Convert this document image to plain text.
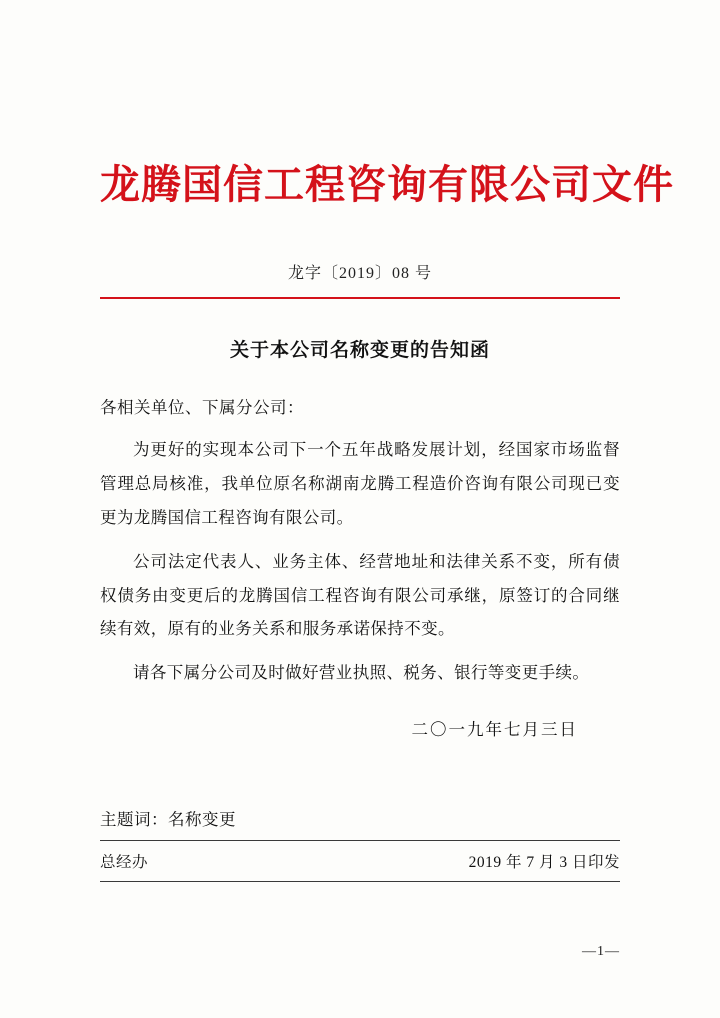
龙腾国信工程咨询有限公司文件
龙字〔2019〕08 号
关于本公司名称变更的告知函
各相关单位、下属分公司：
为更好的实现本公司下一个五年战略发展计划，经国家市场监督管理总局核准，我单位原名称湖南龙腾工程造价咨询有限公司现已变更为龙腾国信工程咨询有限公司。
公司法定代表人、业务主体、经营地址和法律关系不变，所有债权债务由变更后的龙腾国信工程咨询有限公司承继，原签订的合同继续有效，原有的业务关系和服务承诺保持不变。
请各下属分公司及时做好营业执照、税务、银行等变更手续。
二〇一九年七月三日
主题词：名称变更
总经办	2019 年 7 月 3 日印发
—1—
